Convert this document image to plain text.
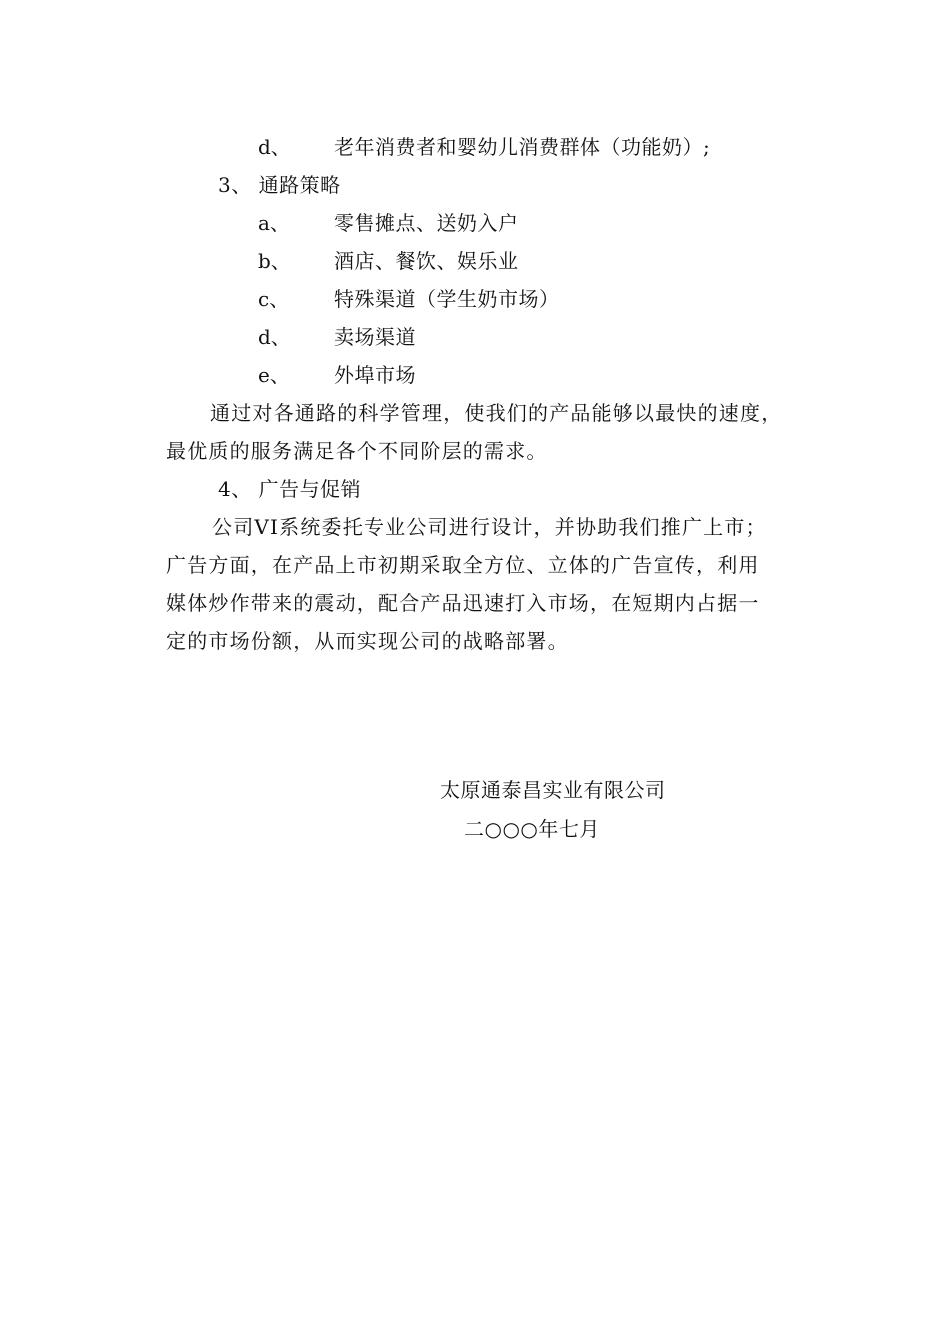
d、 老年消费者和婴幼儿消费群体（功能奶）;
3、 通路策略
a、 零售摊点、送奶入户
b、 酒店、餐饮、娱乐业
c、 特殊渠道（学生奶市场）
d、 卖场渠道
e、 外埠市场
通过对各通路的科学管理，使我们的产品能够以最快的速度，
最优质的服务满足各个不同阶层的需求。
4、 广告与促销
公司VI系统委托专业公司进行设计，并协助我们推广上市；
广告方面，在产品上市初期采取全方位、立体的广告宣传，利用
媒体炒作带来的震动，配合产品迅速打入市场，在短期内占据一
定的市场份额，从而实现公司的战略部署。
太原通泰昌实业有限公司
二○○○年七月
